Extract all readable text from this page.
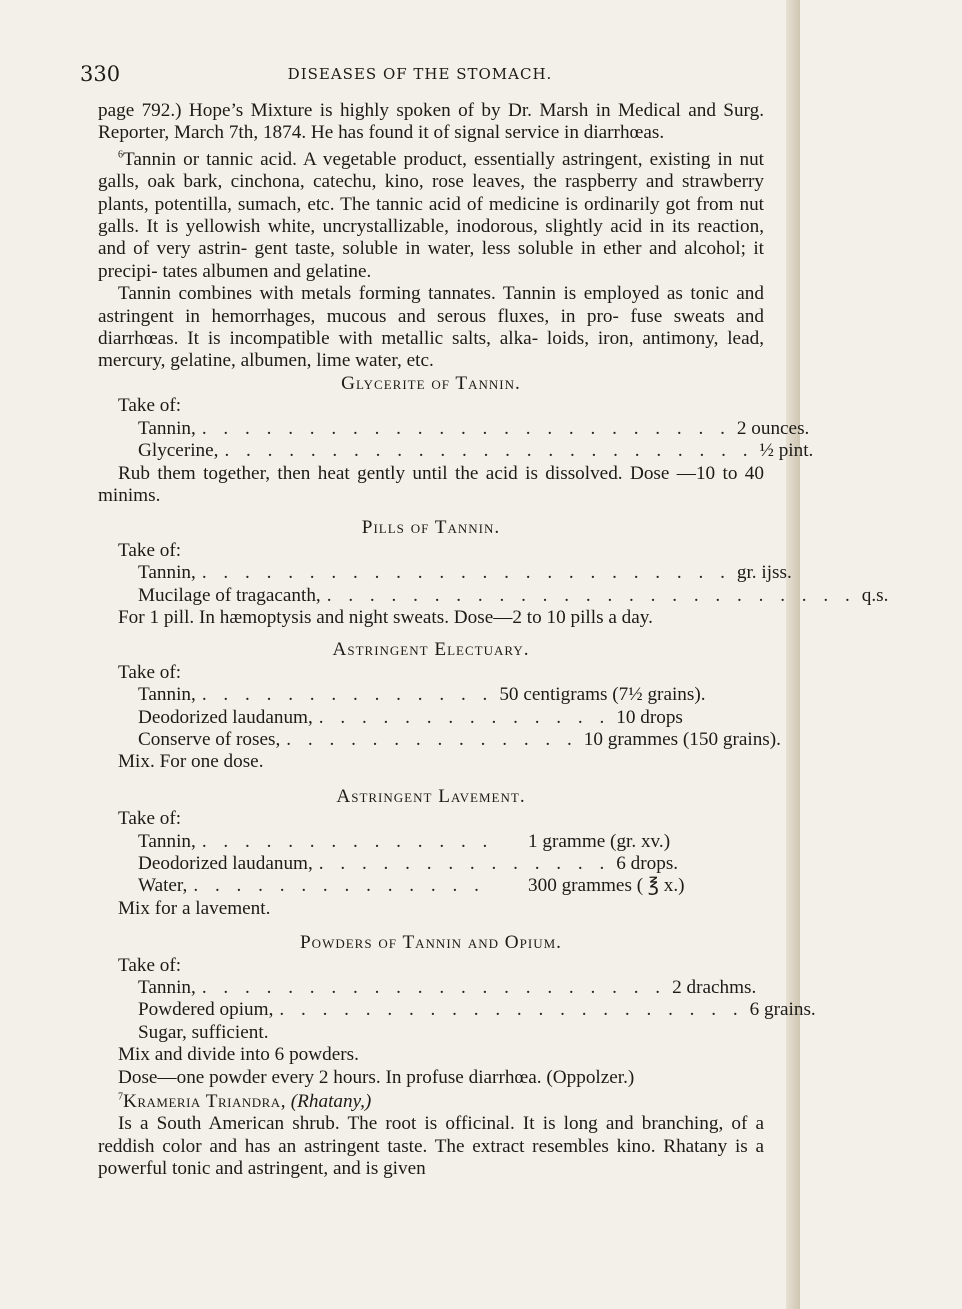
330	DISEASES OF THE STOMACH.

page 792.) Hope’s Mixture is highly spoken of by Dr. Marsh in Medical and Surg. Reporter, March 7th, 1874. He has found it of signal service in diarrhœas.

$^6$Tannin or tannic acid. A vegetable product, essentially astringent, existing in nut galls, oak bark, cinchona, catechu, kino, rose leaves, the raspberry and strawberry plants, potentilla, sumach, etc. The tannic acid of medicine is ordinarily got from nut galls. It is yellowish white, uncrystallizable, inodorous, slightly acid in its reaction, and of very astrin- gent taste, soluble in water, less soluble in ether and alcohol; it precipi- tates albumen and gelatine.

Tannin combines with metals forming tannates. Tannin is employed as tonic and astringent in hemorrhages, mucous and serous fluxes, in pro- fuse sweats and diarrhœas. It is incompatible with metallic salts, alka- loids, iron, antimony, lead, mercury, gelatine, albumen, lime water, etc.

Glycerite of Tannin.
Take of:
Tannin, . . . . . . . . . . . . . . . . . . . . . . . . . 2 ounces.
Glycerine, . . . . . . . . . . . . . . . . . . . . . . . . . ½ pint.

Rub them together, then heat gently until the acid is dissolved. Dose —10 to 40 minims.

Pills of Tannin.
Take of:
Tannin, . . . . . . . . . . . . . . . . . . . . . . . . . gr. ijss.
Mucilage of tragacanth, . . . . . . . . . . . . . . . . . . . . . . . . . q.s.

For 1 pill. In hæmoptysis and night sweats. Dose—2 to 10 pills a day.

Astringent Electuary.
Take of:
Tannin, . . . . . . . . . . . . . . 50 centigrams (7½ grains).
Deodorized laudanum, . . . . . . . . . . . . . . 10 drops
Conserve of roses, . . . . . . . . . . . . . . 10 grammes (150 grains).
Mix. For one dose.
Astringent Lavement.
Take of:
Tannin, . . . . . . . . . . . . . .	1 gramme (gr. xv.)
Deodorized laudanum, . . . . . . . . . . . . . . 6 drops.
Water, . . . . . . . . . . . . . .	300 grammes ( ℥ x.)
Mix for a lavement.
Powders of Tannin and Opium.
Take of:
Tannin, . . . . . . . . . . . . . . . . . . . . . . 2 drachms.
Powdered opium, . . . . . . . . . . . . . . . . . . . . . . 6 grains.
Sugar, sufficient.
Mix and divide into 6 powders.
Dose—one powder every 2 hours. In profuse diarrhœa. (Oppolzer.)

$^7$Krameria Triandra, (Rhatany,)

Is a South American shrub. The root is officinal. It is long and branching, of a reddish color and has an astringent taste. The extract resembles kino. Rhatany is a powerful tonic and astringent, and is given
